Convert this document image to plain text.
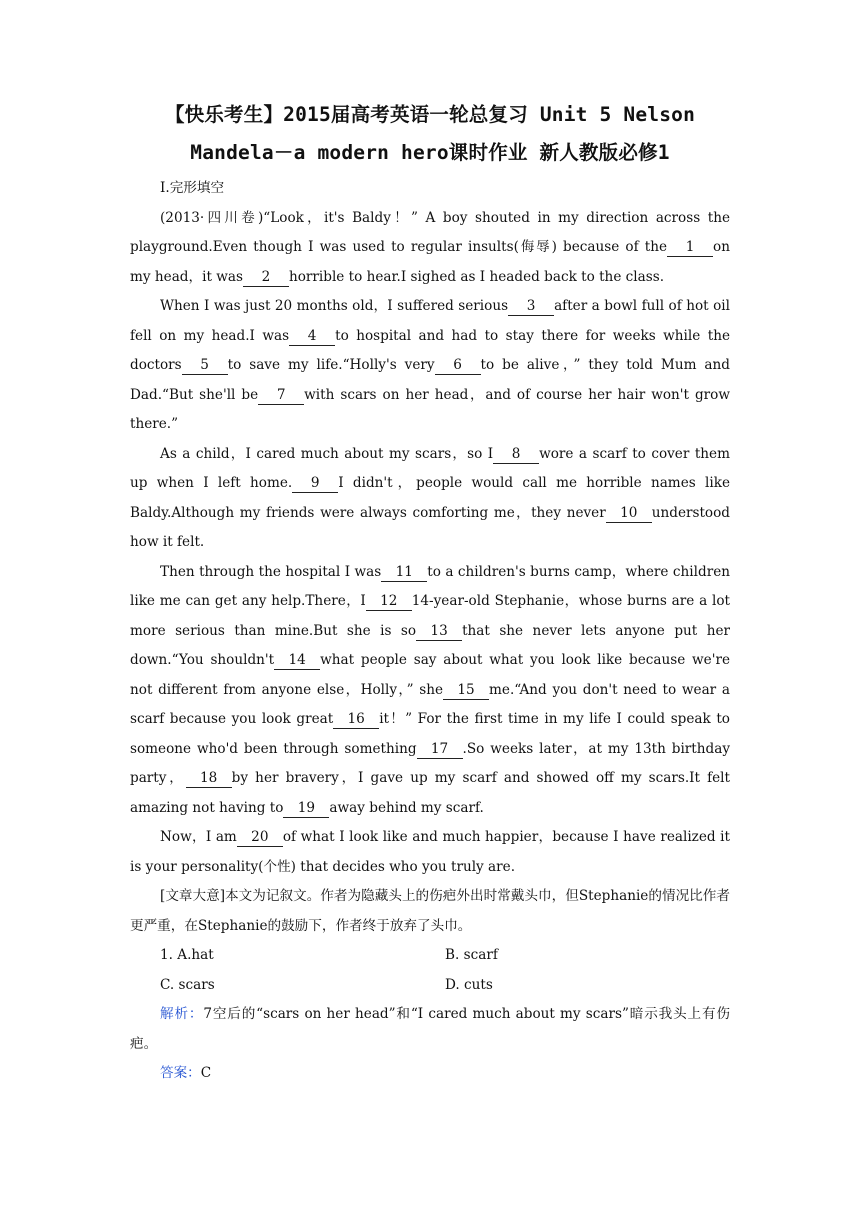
【快乐考生】2015届高考英语一轮总复习 Unit 5 Nelson
Mandela－a modern hero课时作业 新人教版必修1

Ⅰ.完形填空

(2013·四川卷)“Look，it's Baldy！” A boy shouted in my direction across the playground.Even though I was used to regular insults(侮辱) because of the 1 on my head，it was 2 horrible to hear.I sighed as I headed back to the class.

When I was just 20 months old，I suffered serious 3 after a bowl full of hot oil fell on my head.I was 4 to hospital and had to stay there for weeks while the doctors 5 to save my life.“Holly's very 6 to be alive，” they told Mum and Dad.“But she'll be 7 with scars on her head，and of course her hair won't grow there.”

As a child，I cared much about my scars，so I 8 wore a scarf to cover them up when I left home. 9 I didn't，people would call me horrible names like Baldy.Although my friends were always comforting me，they never 10 understood how it felt.

Then through the hospital I was 11 to a children's burns camp，where children like me can get any help.There，I 12 14-year-old Stephanie，whose burns are a lot more serious than mine.But she is so 13 that she never lets anyone put her down.“You shouldn't 14 what people say about what you look like because we're not different from anyone else，Holly，” she 15 me.“And you don't need to wear a scarf because you look great 16 it！” For the first time in my life I could speak to someone who'd been through something 17 .So weeks later，at my 13th birthday party， 18 by her bravery，I gave up my scarf and showed off my scars.It felt amazing not having to 19 away behind my scarf.

Now，I am 20 of what I look like and much happier，because I have realized it is your personality(个性) that decides who you truly are.

[文章大意]本文为记叙文。作者为隐藏头上的伤疤外出时常戴头巾，但Stephanie的情况比作者更严重，在Stephanie的鼓励下，作者终于放弃了头巾。

1. A.hat	B. scarf
C. scars	D. cuts

解析：7空后的“scars on her head”和“I cared much about my scars”暗示我头上有伤疤。

答案：C
